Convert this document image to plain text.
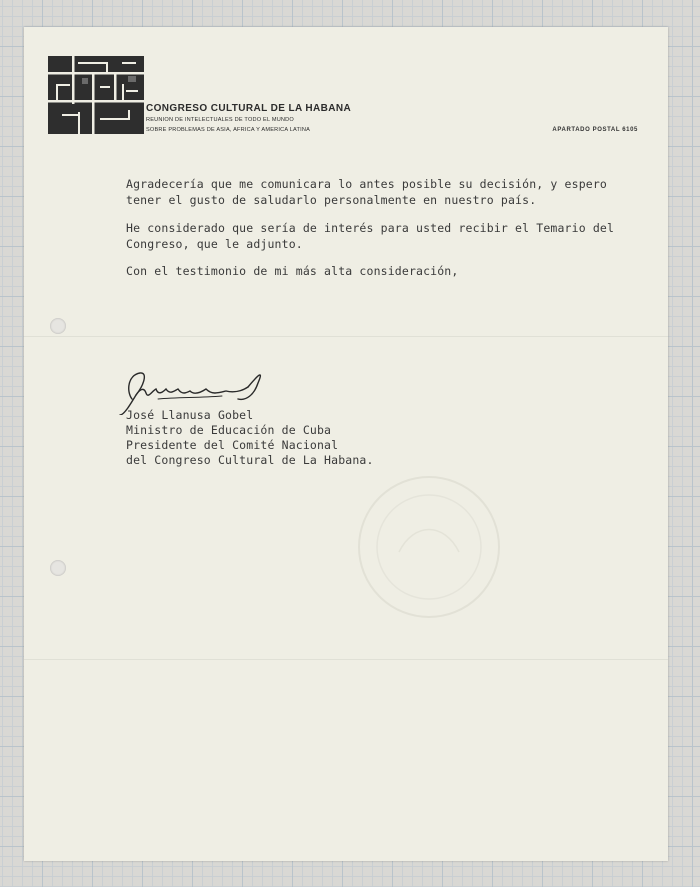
CONGRESO CULTURAL DE LA HABANA
REUNION DE INTELECTUALES DE TODO EL MUNDO
SOBRE PROBLEMAS DE ASIA, AFRICA Y AMERICA LATINA	APARTADO POSTAL 6105
Agradecería que me comunicara lo antes posible su decisión, y espero
tener el gusto de saludarlo personalmente en nuestro país.
He considerado que sería de interés para usted recibir el Temario del
Congreso, que le adjunto.
Con el testimonio de mi más alta consideración,
José Llanusa Gobel
Ministro de Educación de Cuba
Presidente del Comité Nacional
del Congreso Cultural de La Habana.
